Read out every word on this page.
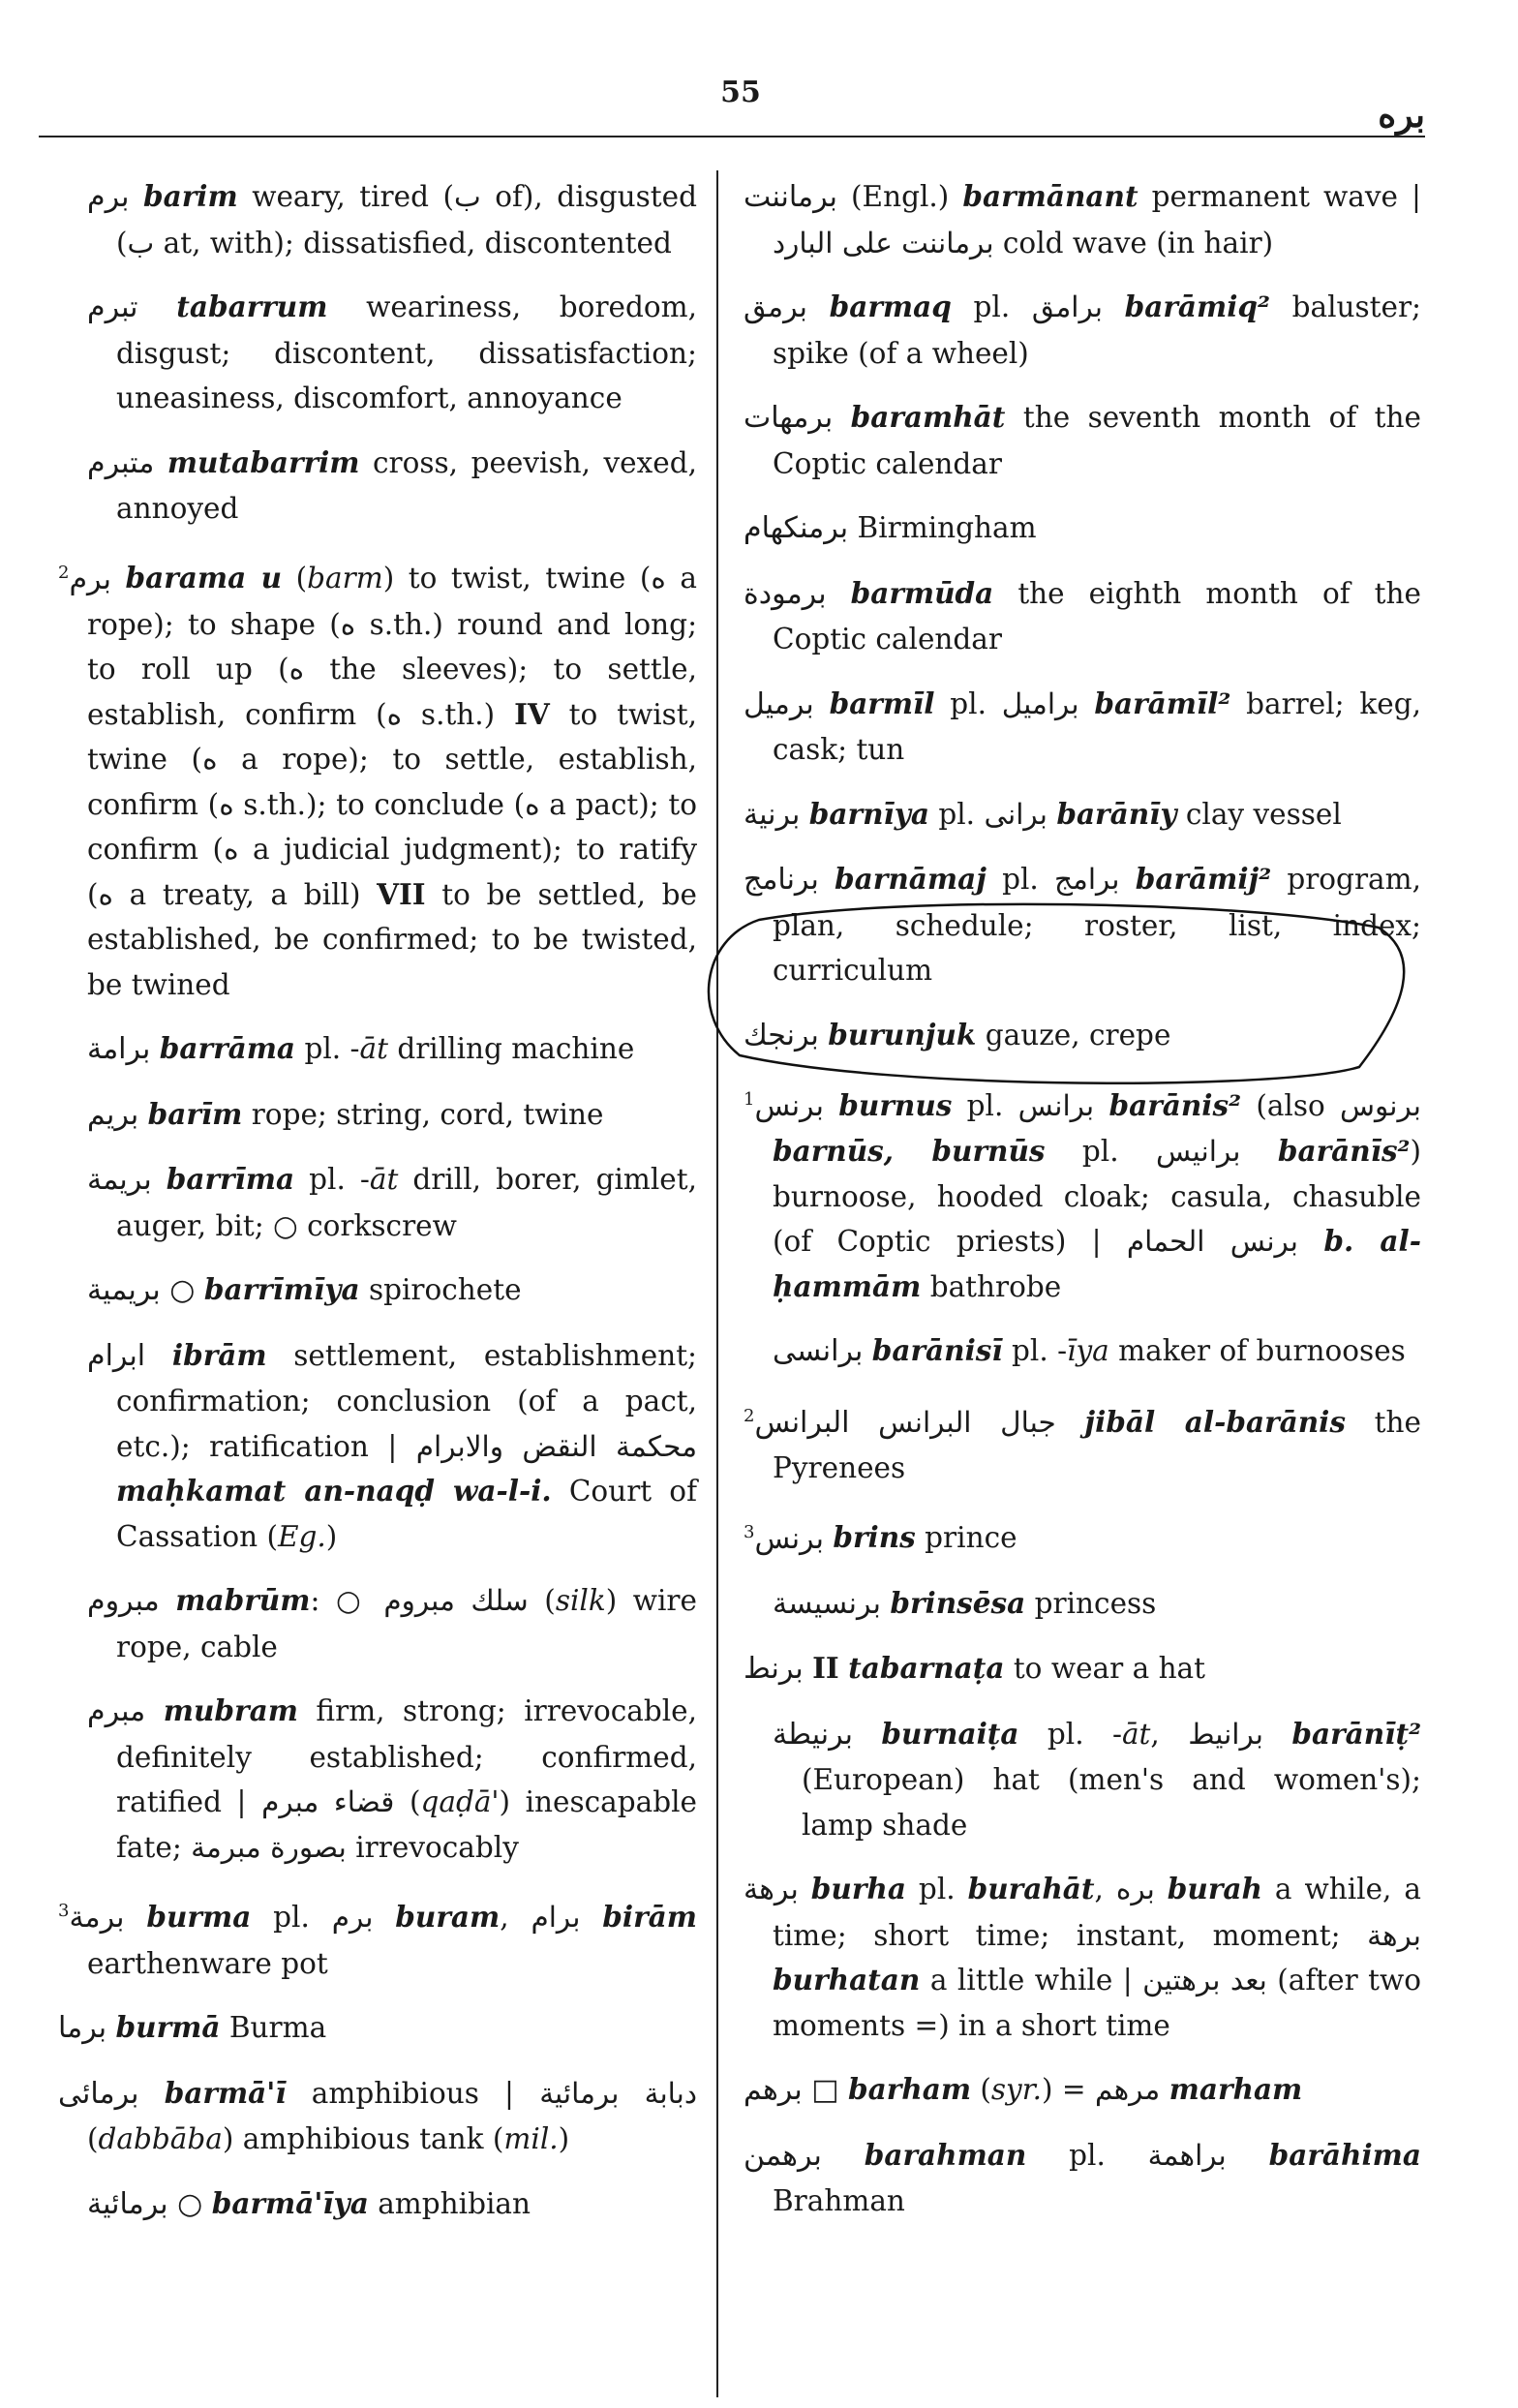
55
بره
برم barim weary, tired (ب of), disgusted (ب at, with); dissatisfied, discontented
تبرم tabarrum weariness, boredom, disgust; discontent, dissatisfaction; uneasiness, discomfort, annoyance
متبرم mutabarrim cross, peevish, vexed, annoyed
$^2$برم barama u (barm) to twist, twine (ه a rope); to shape (ه s.th.) round and long; to roll up (ه the sleeves); to settle, establish, confirm (ه s.th.) IV to twist, twine (ه a rope); to settle, establish, confirm (ه s.th.); to conclude (ه a pact); to confirm (ه a judicial judgment); to ratify (ه a treaty, a bill) VII to be settled, be established, be confirmed; to be twisted, be twined
برامة barrāma pl. -āt drilling machine
بريم barīm rope; string, cord, twine
بريمة barrīma pl. -āt drill, borer, gimlet, auger, bit; ○ corkscrew
○ بريمية barrīmīya spirochete
ابرام ibrām settlement, establishment; confirmation; conclusion (of a pact, etc.); ratification | محكمة النقض والابرام maḥkamat an-naqḍ wa-l-i. Court of Cassation (Eg.)
مبروم mabrūm: ○ سلك مبروم (silk) wire rope, cable
مبرم mubram firm, strong; irrevocable, definitely established; confirmed, ratified | قضاء مبرم (qaḍā') inescapable fate; بصورة مبرمة irrevocably
$^3$برمة burma pl. برم buram, برام birām earthenware pot
برما burmā Burma
برمائى barmā'ī amphibious | دبابة برمائية (dabbāba) amphibious tank (mil.)
○ برمائية barmā'īya amphibian
برماننت (Engl.) barmānant permanent wave | برماننت على البارد cold wave (in hair)
برمق barmaq pl. برامق barāmiq² baluster; spike (of a wheel)
برمهات baramhāt the seventh month of the Coptic calendar
برمنكهام Birmingham
برمودة barmūda the eighth month of the Coptic calendar
برميل barmīl pl. براميل barāmīl² barrel; keg, cask; tun
برنية barnīya pl. برانى barānīy clay vessel
برنامج barnāmaj pl. برامج barāmij² program, plan, schedule; roster, list, index; curriculum
برنجك burunjuk gauze, crepe
$^1$برنس burnus pl. برانس barānis² (also برنوس barnūs, burnūs pl. برانيس barānīs²) burnoose, hooded cloak; casula, chasuble (of Coptic priests) | برنس الحمام b. al-ḥammām bathrobe
برانسى barānisī pl. -īya maker of burnooses
$^2$البرانس جبال البرانس jibāl al-barānis the Pyrenees
$^3$برنس brins prince
برنسيسة brinsēsa princess
برنط II tabarnaṭa to wear a hat
برنيطة burnaiṭa pl. -āt, برانيط barānīṭ² (European) hat (men's and women's); lamp shade
برهة burha pl. burahāt, بره burah a while, a time; short time; instant, moment; برهة burhatan a little while | بعد برهتين (after two moments =) in a short time
□ برهم barham (syr.) = مرهم marham
برهمن barahman pl. براهمة barāhima Brahman
